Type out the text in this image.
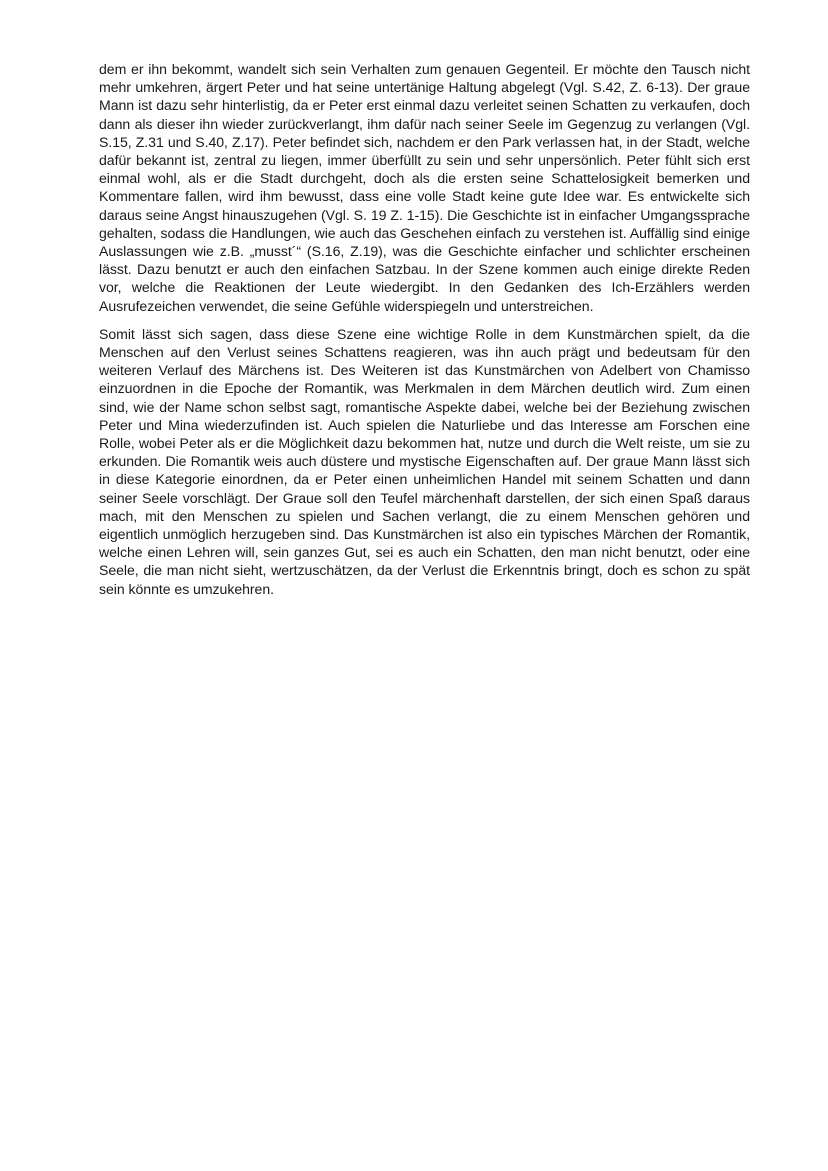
dem er ihn bekommt, wandelt sich sein Verhalten zum genauen Gegenteil. Er möchte den Tausch nicht mehr umkehren, ärgert Peter und hat seine untertänige Haltung abgelegt (Vgl. S.42, Z. 6-13). Der graue Mann ist dazu sehr hinterlistig, da er Peter erst einmal dazu verleitet seinen Schatten zu verkaufen, doch dann als dieser ihn wieder zurückverlangt, ihm dafür nach seiner Seele im Gegenzug zu verlangen (Vgl. S.15, Z.31 und S.40, Z.17). Peter befindet sich, nachdem er den Park verlassen hat, in der Stadt, welche dafür bekannt ist, zentral zu liegen, immer überfüllt zu sein und sehr unpersönlich. Peter fühlt sich erst einmal wohl, als er die Stadt durchgeht, doch als die ersten seine Schattelosigkeit bemerken und Kommentare fallen, wird ihm bewusst, dass eine volle Stadt keine gute Idee war. Es entwickelte sich daraus seine Angst hinauszugehen (Vgl. S. 19 Z. 1-15). Die Geschichte ist in einfacher Umgangssprache gehalten, sodass die Handlungen, wie auch das Geschehen einfach zu verstehen ist. Auffällig sind einige Auslassungen wie z.B. „musst´“ (S.16, Z.19), was die Geschichte einfacher und schlichter erscheinen lässt. Dazu benutzt er auch den einfachen Satzbau. In der Szene kommen auch einige direkte Reden vor, welche die Reaktionen der Leute wiedergibt. In den Gedanken des Ich-Erzählers werden Ausrufezeichen verwendet, die seine Gefühle widerspiegeln und unterstreichen.

Somit lässt sich sagen, dass diese Szene eine wichtige Rolle in dem Kunstmärchen spielt, da die Menschen auf den Verlust seines Schattens reagieren, was ihn auch prägt und bedeutsam für den weiteren Verlauf des Märchens ist. Des Weiteren ist das Kunstmärchen von Adelbert von Chamisso einzuordnen in die Epoche der Romantik, was Merkmalen in dem Märchen deutlich wird. Zum einen sind, wie der Name schon selbst sagt, romantische Aspekte dabei, welche bei der Beziehung zwischen Peter und Mina wiederzufinden ist. Auch spielen die Naturliebe und das Interesse am Forschen eine Rolle, wobei Peter als er die Möglichkeit dazu bekommen hat, nutze und durch die Welt reiste, um sie zu erkunden. Die Romantik weis auch düstere und mystische Eigenschaften auf. Der graue Mann lässt sich in diese Kategorie einordnen, da er Peter einen unheimlichen Handel mit seinem Schatten und dann seiner Seele vorschlägt. Der Graue soll den Teufel märchenhaft darstellen, der sich einen Spaß daraus mach, mit den Menschen zu spielen und Sachen verlangt, die zu einem Menschen gehören und eigentlich unmöglich herzugeben sind. Das Kunstmärchen ist also ein typisches Märchen der Romantik, welche einen Lehren will, sein ganzes Gut, sei es auch ein Schatten, den man nicht benutzt, oder eine Seele, die man nicht sieht, wertzuschätzen, da der Verlust die Erkenntnis bringt, doch es schon zu spät sein könnte es umzukehren.
